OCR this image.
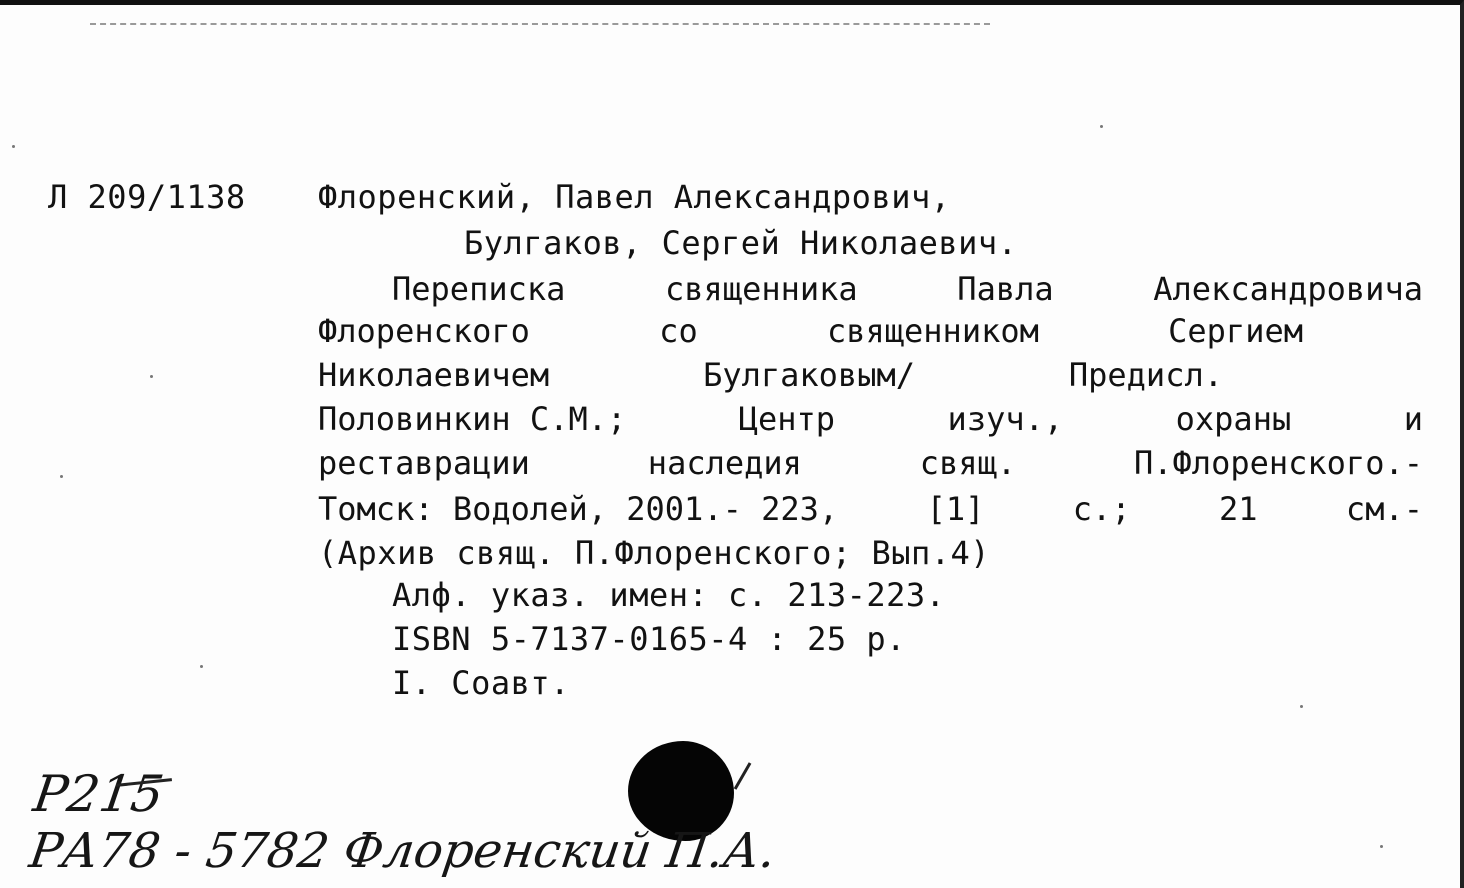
Л 209/1138 Флоренский, Павел Александрович,
Булгаков, Сергей Николаевич.
Переписка	священника	Павла	Александровича
Флоренского	со	священником	Сергием
Николаевичем	Булгаковым/	Предисл.
Половинкин С.М.;	Центр	изуч.,	охраны	и
реставрации	наследия	свящ.	П.Флоренского.-
Томск: Водолей, 2001.- 223,	[1]	с.;	21	см.-
(Архив свящ. П.Флоренского; Вып.4)
Алф. указ. имен: с. 213-223.
ISBN 5-7137-0165-4 : 25 р.
I. Соавт.
Р215
РА78 - 5782 Флоренский П.А.
